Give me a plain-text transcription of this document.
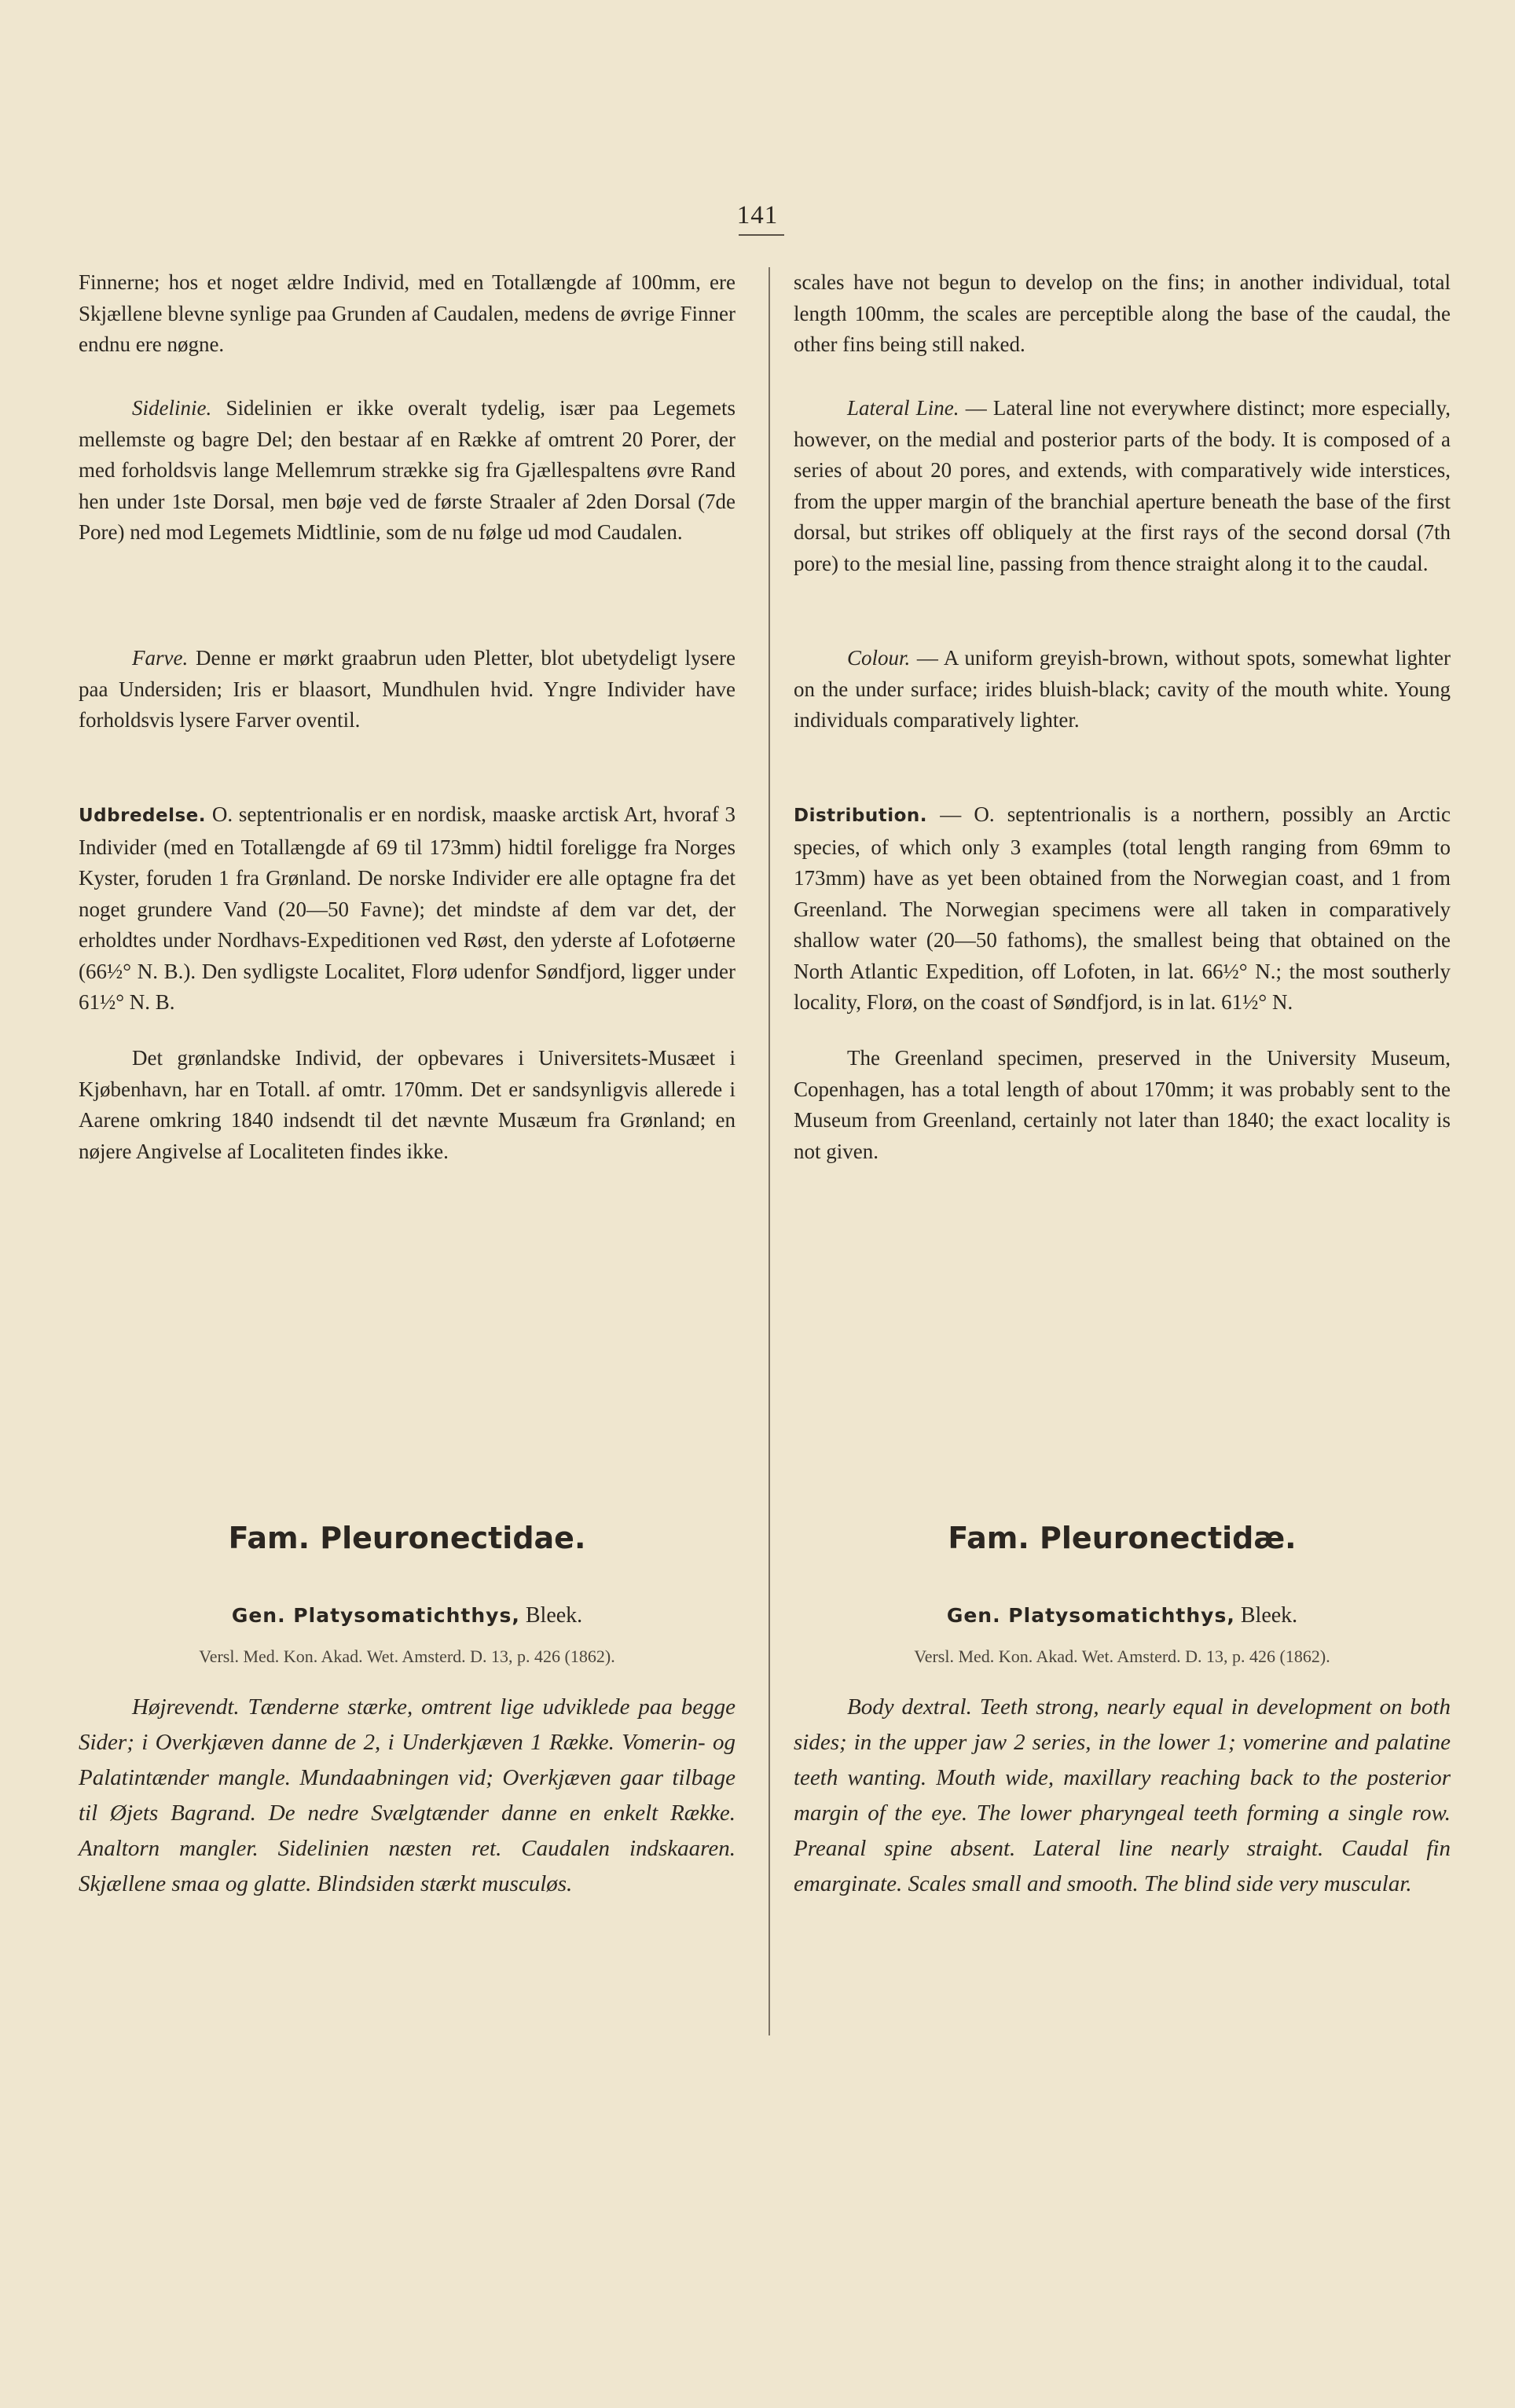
141

Finnerne; hos et noget ældre Individ, med en Totallængde af 100mm, ere Skjællene blevne synlige paa Grunden af Caudalen, medens de øvrige Finner endnu ere nøgne.

Sidelinie. Sidelinien er ikke overalt tydelig, især paa Legemets mellemste og bagre Del; den bestaar af en Række af omtrent 20 Porer, der med forholdsvis lange Mellemrum strække sig fra Gjællespaltens øvre Rand hen under 1ste Dorsal, men bøje ved de første Straaler af 2den Dorsal (7de Pore) ned mod Legemets Midtlinie, som de nu følge ud mod Caudalen.

Farve. Denne er mørkt graabrun uden Pletter, blot ubetydeligt lysere paa Undersiden; Iris er blaasort, Mundhulen hvid. Yngre Individer have forholdsvis lysere Farver oventil.

Udbredelse. O. septentrionalis er en nordisk, maaske arctisk Art, hvoraf 3 Individer (med en Totallængde af 69 til 173mm) hidtil foreligge fra Norges Kyster, foruden 1 fra Grønland. De norske Individer ere alle optagne fra det noget grundere Vand (20—50 Favne); det mindste af dem var det, der erholdtes under Nordhavs-Expeditionen ved Røst, den yderste af Lofotøerne (66½° N. B.). Den sydligste Localitet, Florø udenfor Søndfjord, ligger under 61½° N. B.

Det grønlandske Individ, der opbevares i Universitets-Musæet i Kjøbenhavn, har en Totall. af omtr. 170mm. Det er sandsynligvis allerede i Aarene omkring 1840 indsendt til det nævnte Musæum fra Grønland; en nøjere Angivelse af Localiteten findes ikke.

Fam. Pleuronectidae.

Gen. Platysomatichthys, Bleek.

Versl. Med. Kon. Akad. Wet. Amsterd. D. 13, p. 426 (1862).

Højrevendt. Tænderne stærke, omtrent lige udviklede paa begge Sider; i Overkjæven danne de 2, i Underkjæven 1 Række. Vomerin- og Palatintænder mangle. Mundaabningen vid; Overkjæven gaar tilbage til Øjets Bagrand. De nedre Svælgtænder danne en enkelt Række. Analtorn mangler. Sidelinien næsten ret. Caudalen indskaaren. Skjællene smaa og glatte. Blindsiden stærkt musculøs.

scales have not begun to develop on the fins; in another individual, total length 100mm, the scales are perceptible along the base of the caudal, the other fins being still naked.

Lateral Line. — Lateral line not everywhere distinct; more especially, however, on the medial and posterior parts of the body. It is composed of a series of about 20 pores, and extends, with comparatively wide interstices, from the upper margin of the branchial aperture beneath the base of the first dorsal, but strikes off obliquely at the first rays of the second dorsal (7th pore) to the mesial line, passing from thence straight along it to the caudal.

Colour. — A uniform greyish-brown, without spots, somewhat lighter on the under surface; irides bluish-black; cavity of the mouth white. Young individuals comparatively lighter.

Distribution. — O. septentrionalis is a northern, possibly an Arctic species, of which only 3 examples (total length ranging from 69mm to 173mm) have as yet been obtained from the Norwegian coast, and 1 from Greenland. The Norwegian specimens were all taken in comparatively shallow water (20—50 fathoms), the smallest being that obtained on the North Atlantic Expedition, off Lofoten, in lat. 66½° N.; the most southerly locality, Florø, on the coast of Søndfjord, is in lat. 61½° N.

The Greenland specimen, preserved in the University Museum, Copenhagen, has a total length of about 170mm; it was probably sent to the Museum from Greenland, certainly not later than 1840; the exact locality is not given.

Fam. Pleuronectidæ.

Gen. Platysomatichthys, Bleek.

Versl. Med. Kon. Akad. Wet. Amsterd. D. 13, p. 426 (1862).

Body dextral. Teeth strong, nearly equal in development on both sides; in the upper jaw 2 series, in the lower 1; vomerine and palatine teeth wanting. Mouth wide, maxillary reaching back to the posterior margin of the eye. The lower pharyngeal teeth forming a single row. Preanal spine absent. Lateral line nearly straight. Caudal fin emarginate. Scales small and smooth. The blind side very muscular.
